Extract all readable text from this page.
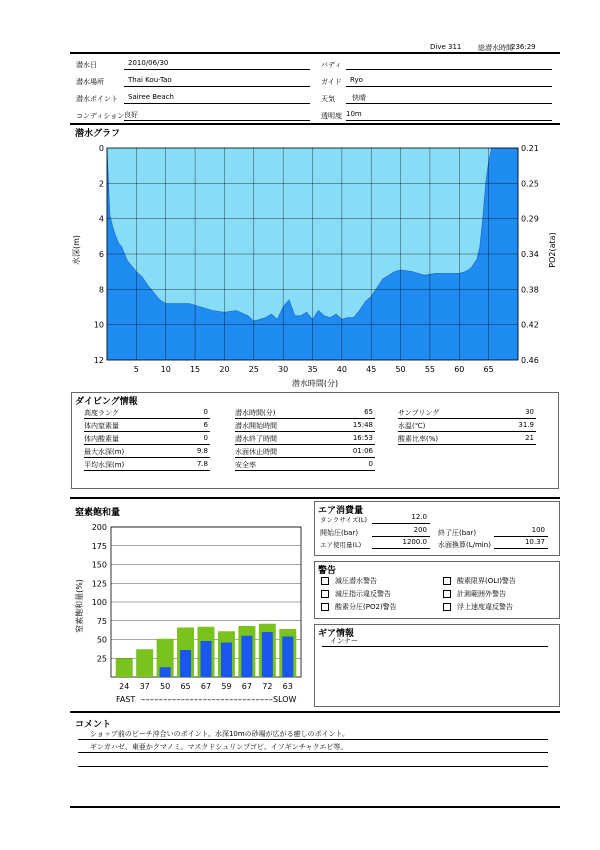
Dive 311 総潜水時間
236:29
潜水日	2010/06/30	バディ
潜水場所	Thai Kou-Tao	ガイド	Ryo
潜水ポイント	Sairee Beach	天気	快晴
コンディション 良好	透明度 10m
潜水グラフ
0
2
4
6
8
10
12
0.21
0.25
0.29
0.34
0.38
0.42
0.46
5	10 15 20 25 30 35 40 45 50 55 60 65
水深(m)	PO2(ata)
潜水時間(分)
ダイビング情報
高度ランク	0
体内窒素量	6
体内酸素量	0
最大水深(m)	9.8
平均水深(m)	7.8
潜水時間(分)	65
潜水開始時間	15:48
潜水終了時間	16:53
水面休止時間	01:06
安全率	0
サンプリング	30
水温(℃)	31.9
酸素比率(%)	21
窒素飽和量
24 37 50 65 67 59 67 72 63
25
50
75
100
125
150
175
200
窒素飽和量(%)
FAST ------------------------------ SLOW
エア消費量
タンクサイズ(L)	12.0
開始圧(bar)	200	終了圧(bar)	100
エア使用量(L)	1200.0	水面換算(L/min)	10.37
警告
減圧潜水警告
減圧指示違反警告
酸素分圧(PO2)警告
酸素限界(OLI)警告
計測範囲外警告
浮上速度違反警告
ギア情報
インナー
コメント
ショップ前のビーチ沖合いのポイント。水深10mの砂場が広がる癒しのポイント。
ギンガハゼ、東亜かクマノミ、マスクドシュリンプゴビ、イソギンチャクエビ等。
